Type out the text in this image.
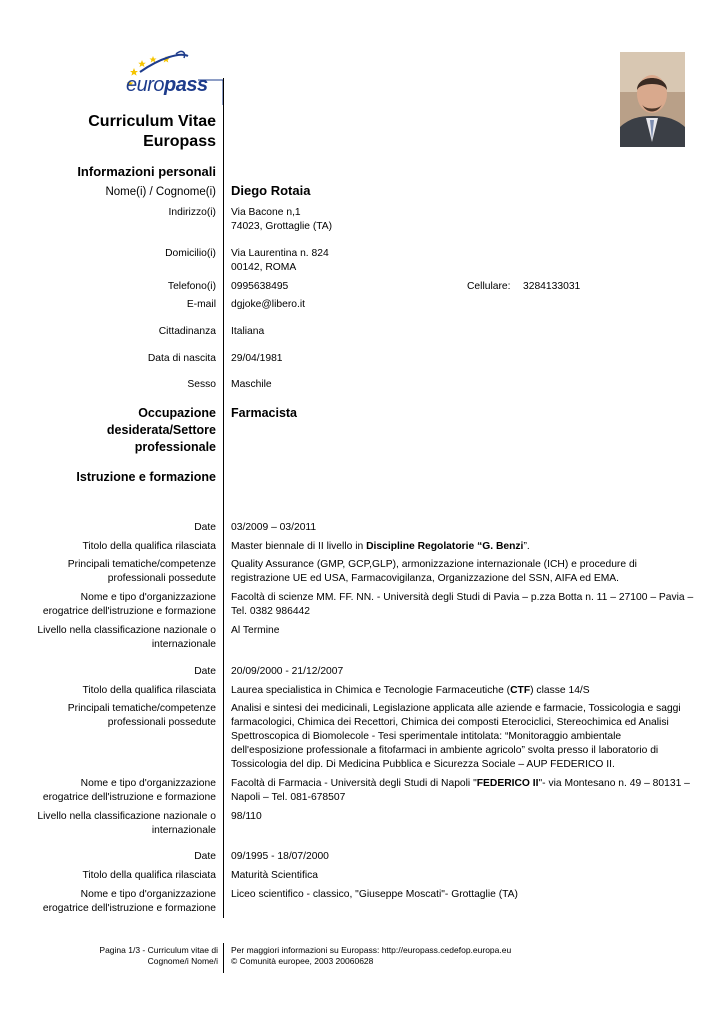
europass
Curriculum Vitae
Europass
Informazioni personali
Nome(i) / Cognome(i) Diego Rotaia
Indirizzo(i) Via Bacone n,1
74023, Grottaglie (TA)
Domicilio(i) Via Laurentina n. 824
00142, ROMA
Telefono(i) 0995638495	Cellulare: 3284133031
E-mail dgjoke@libero.it
Cittadinanza Italiana
Data di nascita 29/04/1981
Sesso Maschile
Occupazione
desiderata/Settore
professionale
Farmacista
Istruzione e formazione
Date 03/2009 – 03/2011
Titolo della qualifica rilasciata Master biennale di II livello in Discipline Regolatorie “G. Benzi”.
Principali tematiche/competenze
professionali possedute
Quality Assurance (GMP, GCP,GLP), armonizzazione internazionale (ICH) e procedure di
registrazione UE ed USA, Farmacovigilanza, Organizzazione del SSN, AIFA ed EMA.
Nome e tipo d'organizzazione
erogatrice dell'istruzione e formazione
Facoltà di scienze MM. FF. NN. - Università degli Studi di Pavia – p.zza Botta n. 11 – 27100 – Pavia –
Tel. 0382 986442
Livello nella classificazione nazionale o
internazionale
Al Termine
Date 20/09/2000 - 21/12/2007
Titolo della qualifica rilasciata Laurea specialistica in Chimica e Tecnologie Farmaceutiche (CTF) classe 14/S
Principali tematiche/competenze
professionali possedute
Analisi e sintesi dei medicinali, Legislazione applicata alle aziende e farmacie, Tossicologia e saggi
farmacologici, Chimica dei Recettori, Chimica dei composti Eterociclici, Stereochimica ed Analisi
Spettroscopica di Biomolecole - Tesi sperimentale intitolata: “Monitoraggio ambientale
dell'esposizione professionale a fitofarmaci in ambiente agricolo” svolta presso il laboratorio di
Tossicologia del dip. Di Medicina Pubblica e Sicurezza Sociale – AUP FEDERICO II.
Nome e tipo d'organizzazione
erogatrice dell'istruzione e formazione
Facoltà di Farmacia - Università degli Studi di Napoli "FEDERICO II"- via Montesano n. 49 – 80131 –
Napoli – Tel. 081-678507
Livello nella classificazione nazionale o
internazionale
98/110
Date 09/1995 - 18/07/2000
Titolo della qualifica rilasciata Maturità Scientifica
Nome e tipo d'organizzazione
erogatrice dell'istruzione e formazione
Liceo scientifico - classico, "Giuseppe Moscati"- Grottaglie (TA)
Pagina 1/3 - Curriculum vitae di
Cognome/i Nome/i
Per maggiori informazioni su Europass: http://europass.cedefop.europa.eu
© Comunità europee, 2003 20060628
